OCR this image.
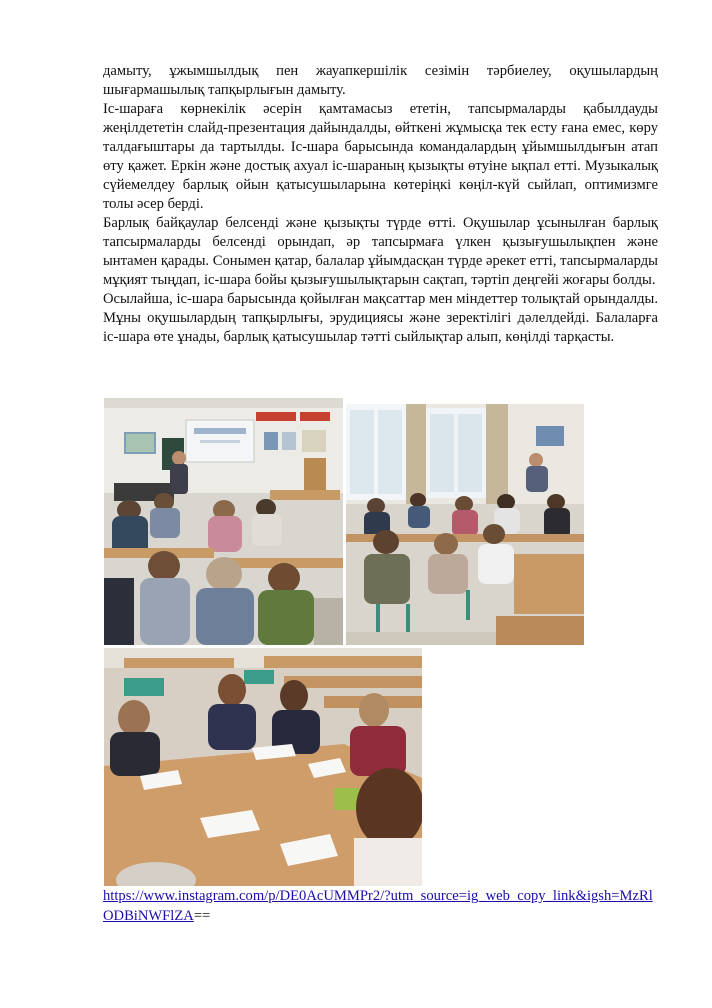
дамыту, ұжымшылдық пен жауапкершілік сезімін тәрбиелеу, оқушылардың шығармашылық тапқырлығын дамыту.

Іс-шараға көрнекілік әсерін қамтамасыз ететін, тапсырмаларды қабылдауды жеңілдететін слайд-презентация дайындалды, өйткені жұмысқа тек есту ғана емес, көру талдағыштары да тартылды. Іс-шара барысында командалардың ұйымшылдығын атап өту қажет. Еркін және достық ахуал іс-шараның қызықты өтуіне ықпал етті. Музыкалық сүйемелдеу барлық ойын қатысушыларына көтеріңкі көңіл-күй сыйлап, оптимизмге толы әсер берді.

Барлық байқаулар белсенді және қызықты түрде өтті. Оқушылар ұсынылған барлық тапсырмаларды белсенді орындап, әр тапсырмаға үлкен қызығушылықпен және ынтамен қарады. Сонымен қатар, балалар ұйымдасқан түрде әрекет етті, тапсырмаларды мұқият тыңдап, іс-шара бойы қызығушылықтарын сақтап, тәртіп деңгейі жоғары болды.

Осылайша, іс-шара барысында қойылған мақсаттар мен міндеттер толықтай орындалды. Мұны оқушылардың тапқырлығы, эрудициясы және зеректілігі дәлелдейді. Балаларға іс-шара өте ұнады, барлық қатысушылар тәтті сыйлықтар алып, көңілді тарқасты.

https://www.instagram.com/p/DE0AcUMMPr2/?utm_source=ig_web_copy_link&igsh=MzRlODBiNWFlZA==
